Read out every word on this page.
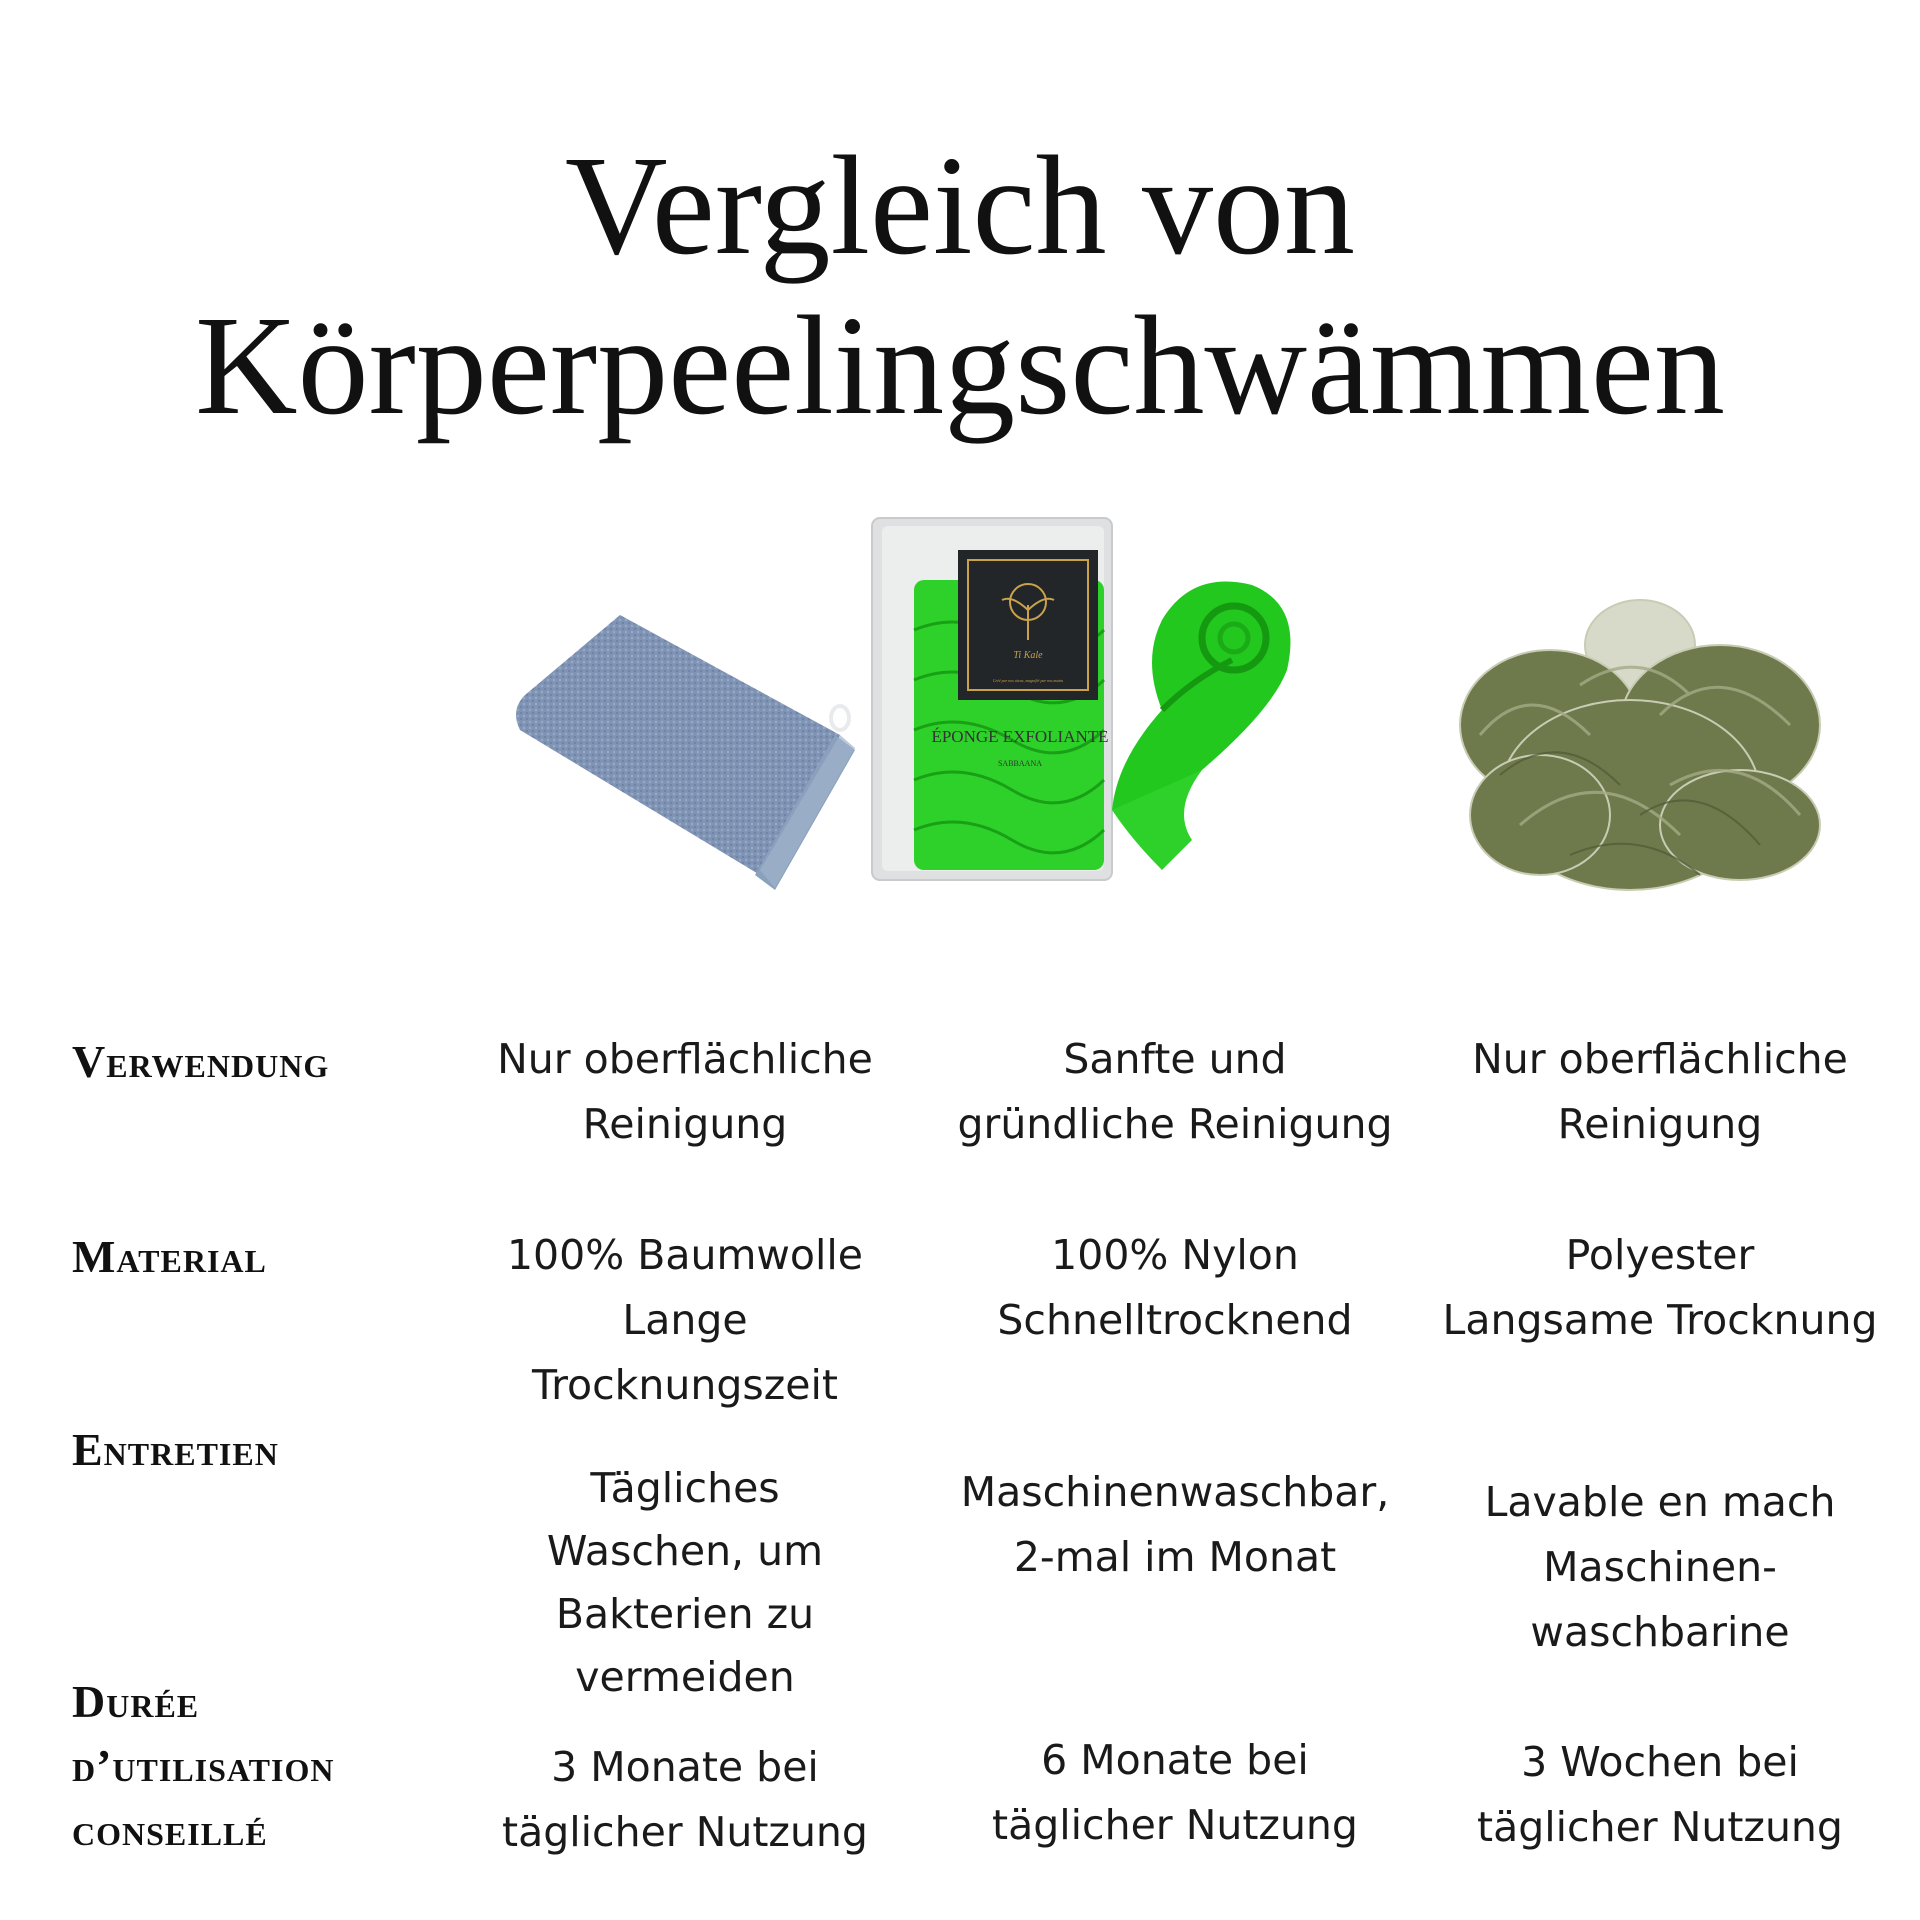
Vergleich von
Körperpeelingschwämmen
Ti Kale
Créé par nos aïeux, magnifié par nos mains
ÉPONGE EXFOLIANTE
SABBAANA
Verwendung	Nur oberflächliche
Reinigung
Sanfte und
gründliche Reinigung
Nur oberflächliche
Reinigung
Material	100% Baumwolle
Lange
Trocknungszeit
100% Nylon
Schnelltrocknend
Polyester
Langsame Trocknung
Entretien
Tägliches
Waschen, um
Bakterien zu
vermeiden
Maschinenwaschbar,
2-mal im Monat
Lavable en mach
Maschinen-
waschbarine
Durée
d’utilisation
conseillé
3 Monate bei
täglicher Nutzung
6 Monate bei
täglicher Nutzung
3 Wochen bei
täglicher Nutzung
